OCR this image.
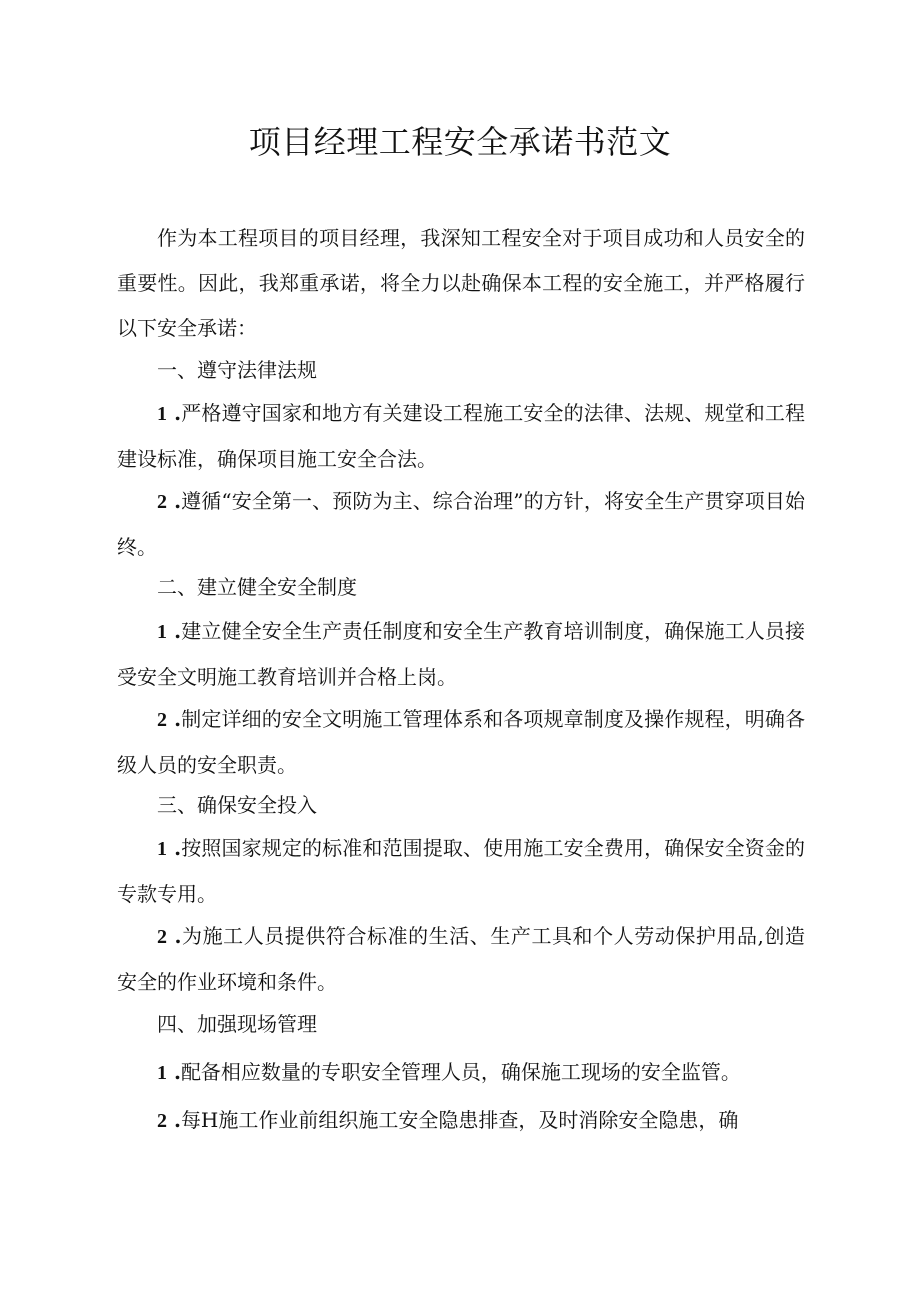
项目经理工程安全承诺书范文
作为本工程项目的项目经理，我深知工程安全对于项目成功和人员安全的重要性。因此，我郑重承诺，将全力以赴确保本工程的安全施工，并严格履行以下安全承诺：
一、遵守法律法规
1 .严格遵守国家和地方有关建设工程施工安全的法律、法规、规堂和工程建设标准，确保项目施工安全合法。
2 .遵循“安全第一、预防为主、综合治理”的方针，将安全生产贯穿项目始终。
二、建立健全安全制度
1 .建立健全安全生产责任制度和安全生产教育培训制度，确保施工人员接受安全文明施工教育培训并合格上岗。
2 .制定详细的安全文明施工管理体系和各项规章制度及操作规程，明确各级人员的安全职责。
三、确保安全投入
1 .按照国家规定的标准和范围提取、使用施工安全费用，确保安全资金的专款专用。
2 .为施工人员提供符合标准的生活、生产工具和个人劳动保护用品,创造安全的作业环境和条件。
四、加强现场管理
1 .配备相应数量的专职安全管理人员，确保施工现场的安全监管。
2 .每H施工作业前组织施工安全隐患排查，及时消除安全隐患，确
